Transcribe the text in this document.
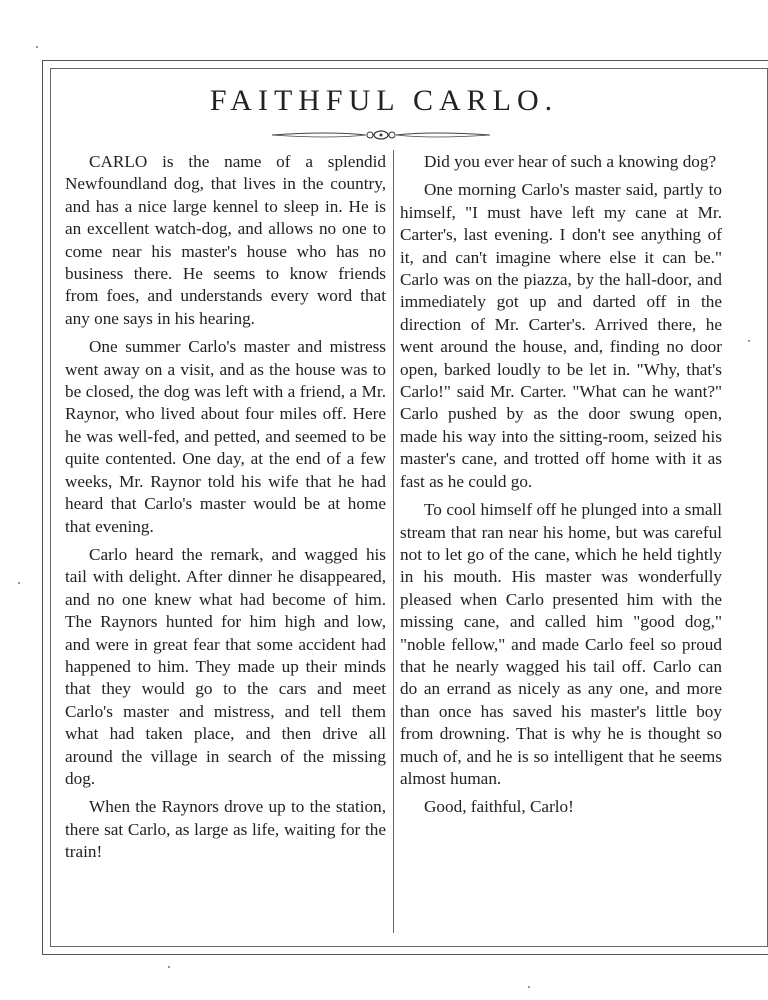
FAITHFUL CARLO.

CARLO is the name of a splendid Newfoundland dog, that lives in the country, and has a nice large kennel to sleep in. He is an excellent watch-dog, and allows no one to come near his master's house who has no business there. He seems to know friends from foes, and understands every word that any one says in his hearing.

One summer Carlo's master and mistress went away on a visit, and as the house was to be closed, the dog was left with a friend, a Mr. Raynor, who lived about four miles off. Here he was well-fed, and petted, and seemed to be quite contented. One day, at the end of a few weeks, Mr. Raynor told his wife that he had heard that Carlo's master would be at home that evening.

Carlo heard the remark, and wagged his tail with delight. After dinner he disappeared, and no one knew what had become of him. The Raynors hunted for him high and low, and were in great fear that some accident had happened to him. They made up their minds that they would go to the cars and meet Carlo's master and mistress, and tell them what had taken place, and then drive all around the village in search of the missing dog.

When the Raynors drove up to the station, there sat Carlo, as large as life, waiting for the train!

Did you ever hear of such a knowing dog?

One morning Carlo's master said, partly to himself, "I must have left my cane at Mr. Carter's, last evening. I don't see anything of it, and can't imagine where else it can be." Carlo was on the piazza, by the hall-door, and immediately got up and darted off in the direction of Mr. Carter's. Arrived there, he went around the house, and, finding no door open, barked loudly to be let in. "Why, that's Carlo!" said Mr. Carter. "What can he want?" Carlo pushed by as the door swung open, made his way into the sitting-room, seized his master's cane, and trotted off home with it as fast as he could go.

To cool himself off he plunged into a small stream that ran near his home, but was careful not to let go of the cane, which he held tightly in his mouth. His master was wonderfully pleased when Carlo presented him with the missing cane, and called him "good dog," "noble fellow," and made Carlo feel so proud that he nearly wagged his tail off. Carlo can do an errand as nicely as any one, and more than once has saved his master's little boy from drowning. That is why he is thought so much of, and he is so intelligent that he seems almost human.

Good, faithful, Carlo!
